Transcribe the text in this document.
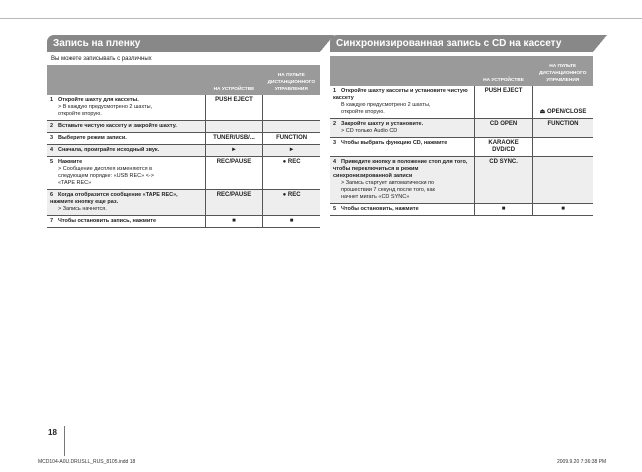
Запись на пленку
Вы можете записывать с различных
	НА УСТРОЙСТВЕ	НА ПУЛЬТЕ ДИСТАНЦИОННОГО УПРАВЛЕНИЯ
1 Откройте шахту для кассеты.
> В каждую предусмотрено 2 шахты,
откройте вторую.	PUSH EJECT	
2 Вставьте чистую кассету и закройте шахту.		
3 Выберите режим записи.	TUNER/USB/...	FUNCTION
4 Сначала, проиграйте исходный звук.	►	►
5 Нажмите
> Сообщение дисплея изменяются в
следующем порядке: «USB REC» <->
«TAPE REC»	REC/PAUSE	● REC
6 Когда отобразится сообщение «TAPE REC», нажмите кнопку еще раз.
> Запись начнется.	REC/PAUSE	● REC
7 Чтобы остановить запись, нажмите	■	■
Синхронизированная запись с CD на кассету
	НА УСТРОЙСТВЕ	НА ПУЛЬТЕ ДИСТАНЦИОННОГО УПРАВЛЕНИЯ
1 Откройте шахту кассеты и установите чистую кассету
В каждую предусмотрено 2 шахты,
откройте вторую.	PUSH EJECT	⏏ OPEN/CLOSE
2 Закройте шахту и установите.
> CD только Audio CD	CD OPEN	FUNCTION
3 Чтобы выбрать функцию CD, нажмите	KARAOKE DVD/CD	
4 Приведите кнопку в положение стоп для того, чтобы переключиться в режим синхронизированной записи
> Запись стартует автоматически по
прошествии 7 секунд после того, как
начнет мигать «CD SYNC»	CD SYNC.	
5 Чтобы остановить, нажмите	■	■
18
MCD104-A0U.DRUSLL_RUS_8105.indd 18	2009.9.20 7:36:38 PM
